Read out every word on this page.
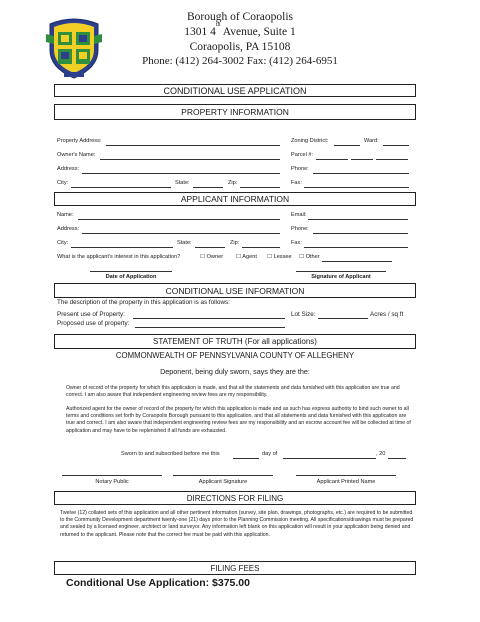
Borough of Coraopolis
1301 4th Avenue, Suite 1
Coraopolis, PA 15108
Phone: (412) 264-3002 Fax: (412) 264-6951
CONDITIONAL USE APPLICATION
PROPERTY INFORMATION
Property Address:	Zoning District:	Ward:
Owner's Name:	Parcel #:
Address:	Phone:
City:	State:	Zip:	Fax:
APPLICANT INFORMATION
Name:	Email:
Address:	Phone:
City:	State:	Zip:	Fax:
What is the applicant's interest in this application?	☐ Owner ☐ Agent ☐ Lessee ☐ Other
Date of Application	Signature of Applicant
CONDITIONAL USE INFORMATION
The description of the property in this application is as follows:
Present use of Property:	Lot Size:	Acres / sq ft
Proposed use of property:
STATEMENT OF TRUTH (For all applications)
COMMONWEALTH OF PENNSYLVANIA COUNTY OF ALLEGHENY
Deponent, being duly sworn, says they are the:
Owner of record of the property for which this application is made, and that all the statements and data furnished with this application are true and correct. I am also aware that independent engineering review fees are my responsibility.
Authorized agent for the owner of record of the property for which this application is made and as such has express authority to bind such owner to all terms and conditions set forth by Coraopolis Borough pursuant to this application, and that all statements and data furnished with this application are true and correct. I am also aware that independent engineering review fees are my responsibility and an escrow account fee will be collected at time of application and may have to be replenished if all funds are exhausted.
Sworn to and subscribed before me this	day of	, 20
Notary Public	Applicant Signature	Applicant Printed Name
DIRECTIONS FOR FILING
Twelve (12) collated sets of this application and all other pertinent information (survey, site plan, drawings, photographs, etc.) are required to be submitted to the Community Development department twenty-one (21) days prior to the Planning Commission meeting. All specifications/drawings must be prepared and sealed by a licensed engineer, architect or land surveyor. Any information left blank on this application will result in your application being denied and returned to the applicant. Please note that the correct fee must be paid with this application.
FILING FEES
Conditional Use Application: $375.00
